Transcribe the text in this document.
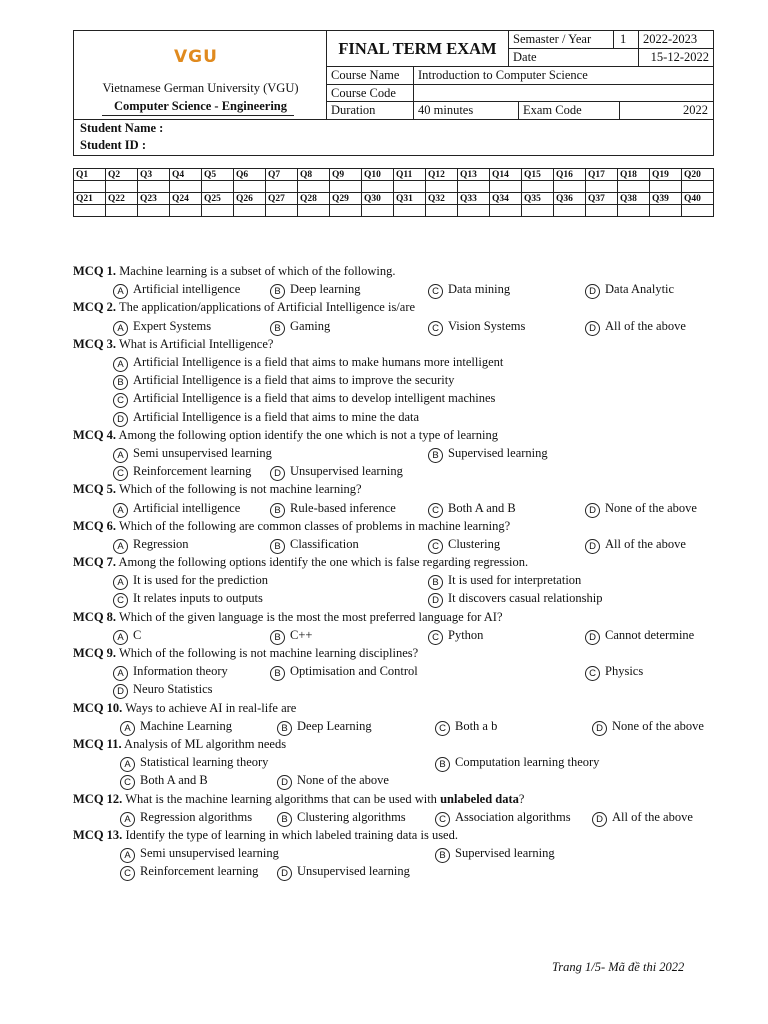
VGU
Vietnamese German University (VGU)
Computer Science - Engineering
FINAL TERM EXAM	Semaster / Year	1	2022-2023
Date	15-12-2022
Course Name	Introduction to Computer Science
Course Code
Duration	40 minutes	Exam Code	2022
Student Name :
Student ID :
Q1	Q2	Q3	Q4	Q5	Q6	Q7	Q8	Q9	Q10	Q11	Q12	Q13	Q14	Q15	Q16	Q17	Q18	Q19	Q20

Q21	Q22	Q23	Q24	Q25	Q26	Q27	Q28	Q29	Q30	Q31	Q32	Q33	Q34	Q35	Q36	Q37	Q38	Q39	Q40

MCQ 1. Machine learning is a subset of which of the following.
A Artificial intelligence	B Deep learning	C Data mining	D Data Analytic
MCQ 2. The application/applications of Artificial Intelligence is/are
A Expert Systems	B Gaming	C Vision Systems	D All of the above
MCQ 3. What is Artificial Intelligence?
A Artificial Intelligence is a field that aims to make humans more intelligent
B Artificial Intelligence is a field that aims to improve the security
C Artificial Intelligence is a field that aims to develop intelligent machines
D Artificial Intelligence is a field that aims to mine the data
MCQ 4. Among the following option identify the one which is not a type of learning
A Semi unsupervised learning	B Supervised learning
C Reinforcement learning	D Unsupervised learning
MCQ 5. Which of the following is not machine learning?
A Artificial intelligence	B Rule-based inference	C Both A and B	D None of the above
MCQ 6. Which of the following are common classes of problems in machine learning?
A Regression	B Classification	C Clustering	D All of the above
MCQ 7. Among the following options identify the one which is false regarding regression.
A It is used for the prediction	B It is used for interpretation
C It relates inputs to outputs	D It discovers casual relationship
MCQ 8. Which of the given language is the most the most preferred language for AI?
A C	B C++	C Python	D Cannot determine
MCQ 9. Which of the following is not machine learning disciplines?
A Information theory	B Optimisation and Control	C Physics
D Neuro Statistics
MCQ 10. Ways to achieve AI in real-life are
A Machine Learning	B Deep Learning	C Both a b	D None of the above
MCQ 11. Analysis of ML algorithm needs
A Statistical learning theory	B Computation learning theory
C Both A and B	D None of the above
MCQ 12. What is the machine learning algorithms that can be used with unlabeled data?
A Regression algorithms	B Clustering algorithms	C Association algorithms	D All of the above
MCQ 13. Identify the type of learning in which labeled training data is used.
A Semi unsupervised learning	B Supervised learning
C Reinforcement learning	D Unsupervised learning
Trang 1/5- Mã đề thi 2022
